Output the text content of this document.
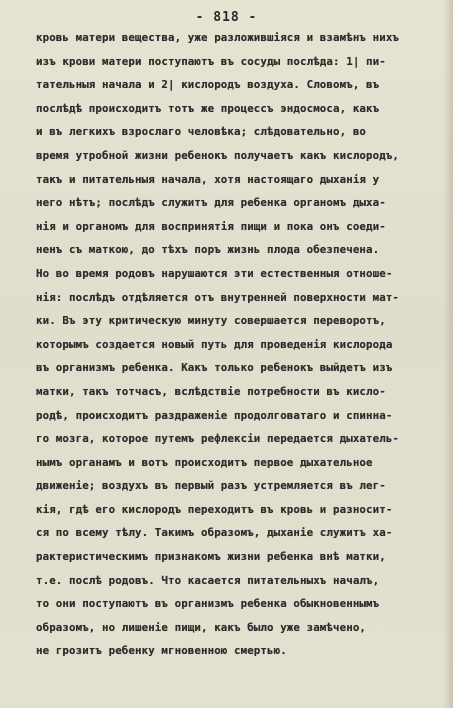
- 818 -
кровь матери вещества, уже разложившіяся и взамѣнъ нихъ
изъ крови матери поступаютъ въ сосуды послѣда: 1| пи-
тательныя начала и 2| кислородъ воздуха. Словомъ, въ
послѣдѣ происходитъ тотъ же процессъ эндосмоса, какъ
и въ легкихъ взрослаго человѣка; слѣдовательно, во
время утробной жизни ребенокъ получаетъ какъ кислородъ,
такъ и питательныя начала, хотя настоящаго дыханія у
него нѣтъ; послѣдъ служитъ для ребенка органомъ дыха-
нія и органомъ для воспринятія пищи и пока онъ соеди-
ненъ съ маткою, до тѣхъ поръ жизнь плода обезпечена.
Но во время родовъ нарушаются эти естественныя отноше-
нія: послѣдъ отдѣляется отъ внутренней поверхности мат-
ки. Въ эту критическую минуту совершается переворотъ,
которымъ создается новый путь для проведенія кислорода
въ организмъ ребенка. Какъ только ребенокъ выйдетъ изъ
матки, такъ тотчасъ, вслѣдствіе потребности въ кисло-
родѣ, происходитъ раздраженіе продолговатаго и спинна-
го мозга, которое путемъ рефлексіи передается дыхатель-
нымъ органамъ и вотъ происходитъ первое дыхательное
движеніе; воздухъ въ первый разъ устремляется въ лег-
кія, гдѣ его кислородъ переходитъ въ кровь и разносит-
ся по всему тѣлу. Такимъ образомъ, дыханіе служитъ ха-
рактеристическимъ признакомъ жизни ребенка внѣ матки,
т.е. послѣ родовъ. Что касается питательныхъ началъ,
то они поступаютъ въ организмъ ребенка обыкновеннымъ
образомъ, но лишеніе пищи, какъ было уже замѣчено,
не грозитъ ребенку мгновенною смертью.
